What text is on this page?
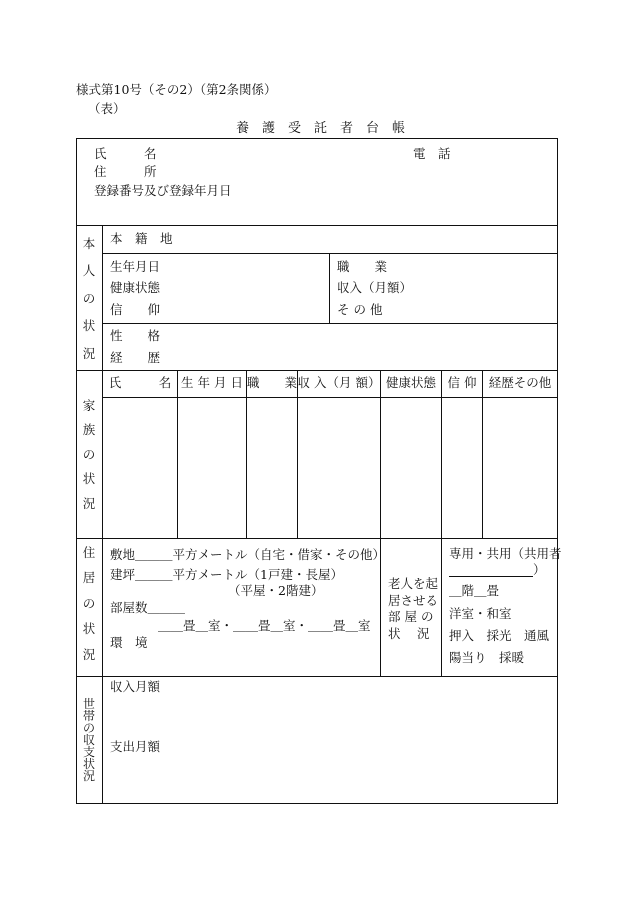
様式第10号（その2）（第2条関係）
（表）
養　護　受　託　者　台　帳
氏　　　名
住　　　所
登録番号及び登録年月日
電　話
本
人
の
状
況
本　籍　地
生年月日
健康状態
信　　仰
職　　業
収入（月額）
そ の 他
性　　格
経　　歴
家
族
の
状
況
氏　　　名 生 年 月 日 職　　業 収 入（月 額） 健康状態 信 仰 経歴その他
住
居
の
状
況
敷地＿＿＿平方メートル（自宅・借家・その他）
建坪＿＿＿平方メートル（1戸建・長屋）
（平屋・2階建）
部屋数＿＿＿
＿＿畳＿室・＿＿畳＿室・＿＿畳＿室
環　境
老人を起
居させる
部 屋 の
状　 況
専用・共用（共用者
）
＿階＿畳
洋室・和室
押入　採光　通風
陽当り　採暖
世
帯
の
収
支
状
況
収入月額
支出月額
